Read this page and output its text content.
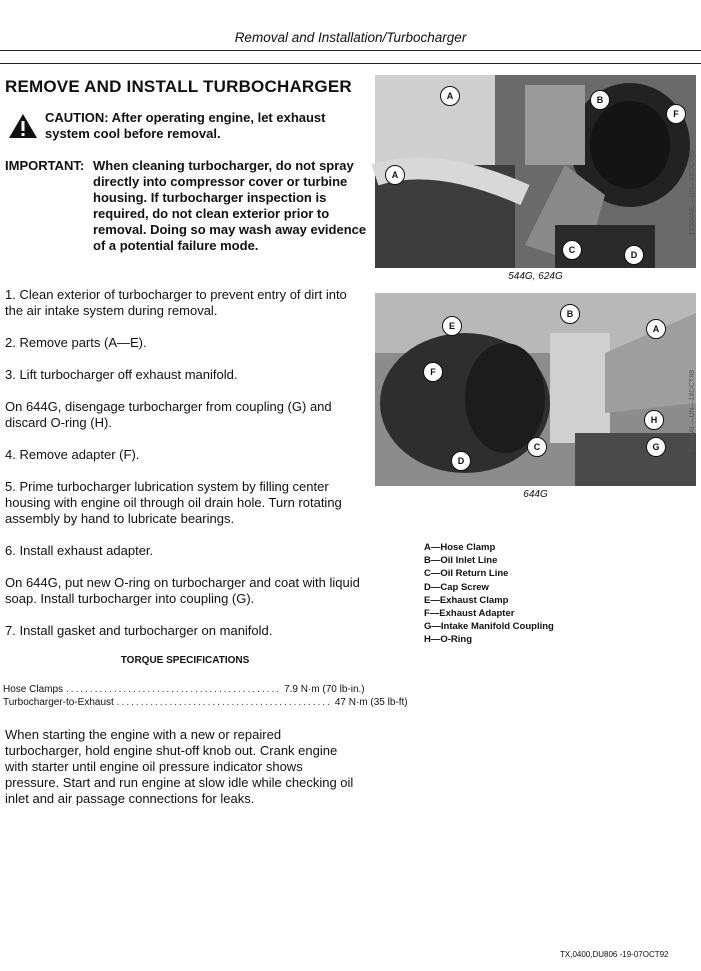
Removal and Installation/Turbocharger
REMOVE AND INSTALL TURBOCHARGER
CAUTION: After operating engine, let exhaust system cool before removal.
IMPORTANT: When cleaning turbocharger, do not spray directly into compressor cover or turbine housing. If turbocharger inspection is required, do not clean exterior prior to removal. Doing so may wash away evidence of a potential failure mode.
1. Clean exterior of turbocharger to prevent entry of dirt into the air intake system during removal.
2. Remove parts (A—E).
3. Lift turbocharger off exhaust manifold.
On 644G, disengage turbocharger from coupling (G) and discard O-ring (H).
4. Remove adapter (F).
5. Prime turbocharger lubrication system by filling center housing with engine oil through oil drain hole. Turn rotating assembly by hand to lubricate bearings.
6. Install exhaust adapter.
On 644G, put new O-ring on turbocharger and coat with liquid soap. Install turbocharger into coupling (G).
7. Install gasket and turbocharger on manifold.
TORQUE SPECIFICATIONS
Hose Clamps ............................................. 7.9 N·m (70 lb-in.)
Turbocharger-to-Exhaust ............................................. 47 N·m (35 lb-ft)
When starting the engine with a new or repaired turbocharger, hold engine shut-off knob out. Crank engine with starter until engine oil pressure indicator shows pressure. Start and run engine at slow idle while checking oil inlet and air passage connections for leaks.
A	B
F
A
C	D
T8564AE —UN—18OCT88
544G, 624G
E
B
A
F
H
C	G
D
T8564AI —UN—18OCT88
644G
A—Hose Clamp
B—Oil Inlet Line
C—Oil Return Line
D—Cap Screw
E—Exhaust Clamp
F—Exhaust Adapter
G—Intake Manifold Coupling
H—O-Ring
TX,0400,DU806 -19-07OCT92
